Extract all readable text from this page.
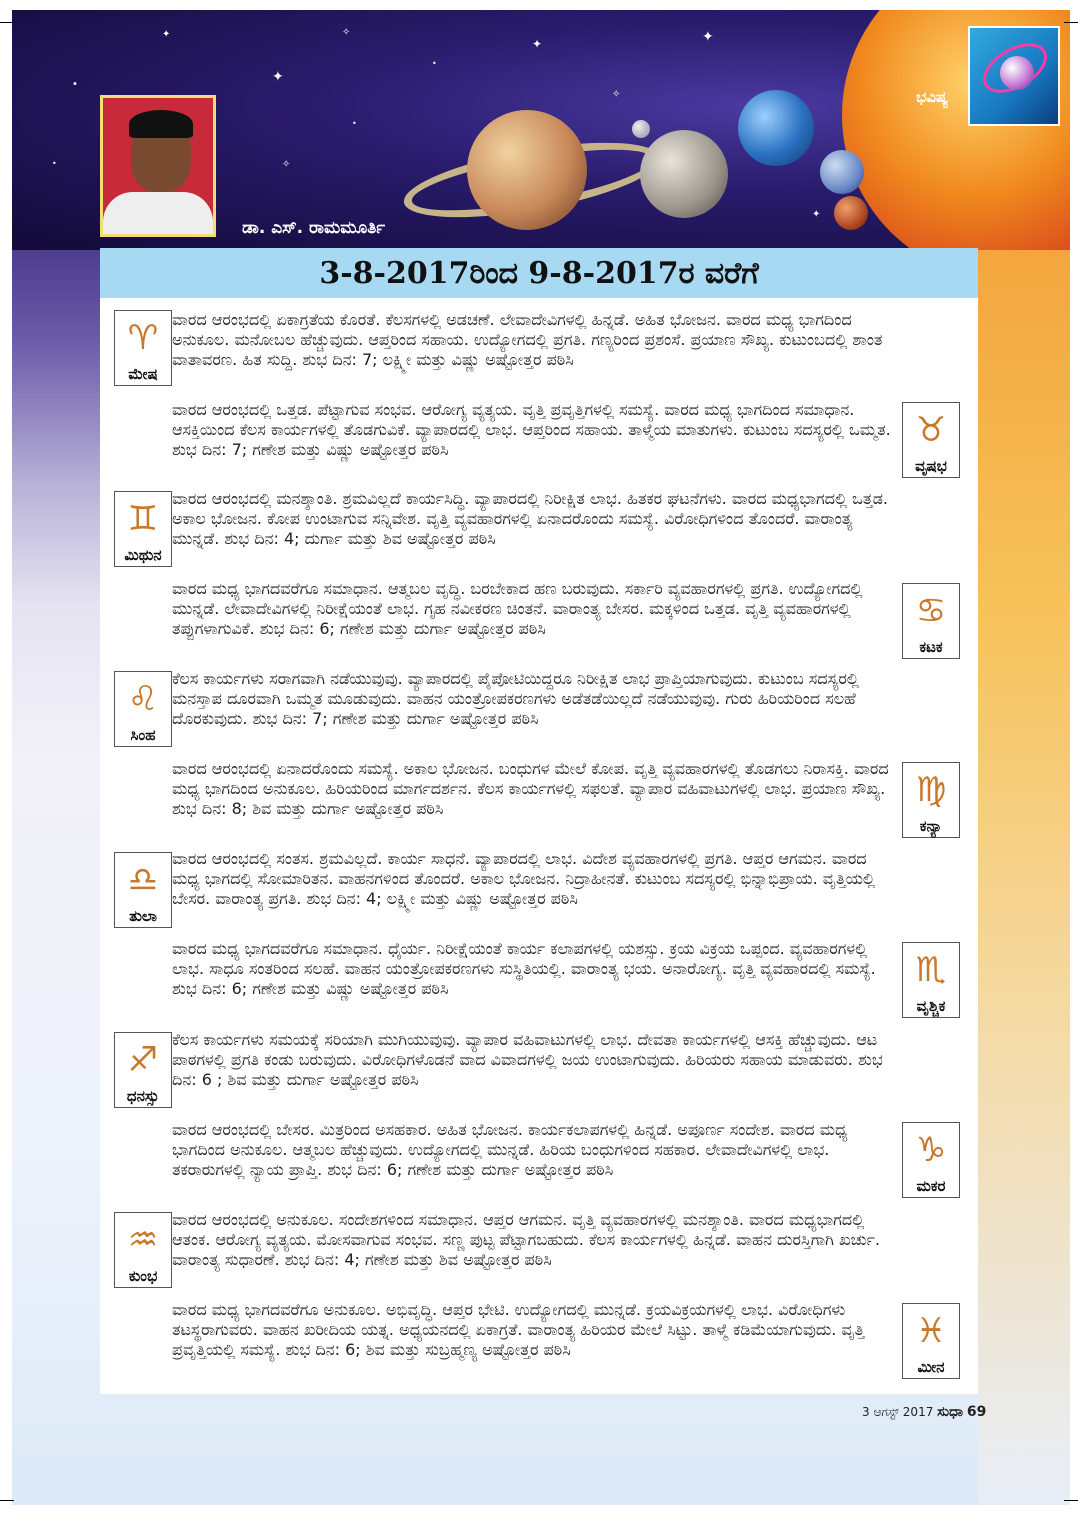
✦
✦
✧
•
✦
✧
✦
•
•	✧
•
✦
ಭವಿಷ್ಯ
ಡಾ. ಎಸ್. ರಾಮಮೂರ್ತಿ
3-8-2017ರಿಂದ 9-8-2017ರ ವರೆಗೆ
♈
ಮೇಷ
ವಾರದ ಆರಂಭದಲ್ಲಿ ಏಕಾಗ್ರತೆಯ ಕೊರತೆ. ಕೆಲಸಗಳಲ್ಲಿ ಅಡಚಣೆ. ಲೇವಾದೇವಿಗಳಲ್ಲಿ ಹಿನ್ನಡೆ. ಅಹಿತ ಭೋಜನ. ವಾರದ ಮಧ್ಯ ಭಾಗದಿಂದ ಅನುಕೂಲ. ಮನೋಬಲ ಹೆಚ್ಚುವುದು. ಆಪ್ತರಿಂದ ಸಹಾಯ. ಉದ್ಯೋಗದಲ್ಲಿ ಪ್ರಗತಿ. ಗಣ್ಯರಿಂದ ಪ್ರಶಂಸೆ. ಪ್ರಯಾಣ ಸೌಖ್ಯ. ಕುಟುಂಬದಲ್ಲಿ ಶಾಂತ ವಾತಾವರಣ. ಹಿತ ಸುದ್ದಿ. ಶುಭ ದಿನ: 7; ಲಕ್ಷ್ಮೀ ಮತ್ತು ವಿಷ್ಣು ಅಷ್ಟೋತ್ತರ ಪಠಿಸಿ
ವಾರದ ಆರಂಭದಲ್ಲಿ ಒತ್ತಡ. ಪೆಟ್ಟಾಗುವ ಸಂಭವ. ಆರೋಗ್ಯ ವ್ಯತ್ಯಯ. ವೃತ್ತಿ ಪ್ರವೃತ್ತಿಗಳಲ್ಲಿ ಸಮಸ್ಯೆ. ವಾರದ ಮಧ್ಯ ಭಾಗದಿಂದ ಸಮಾಧಾನ. ಆಸಕ್ತಿಯಿಂದ ಕೆಲಸ ಕಾರ್ಯಗಳಲ್ಲಿ ತೊಡಗುವಿಕೆ. ವ್ಯಾಪಾರದಲ್ಲಿ ಲಾಭ. ಆಪ್ತರಿಂದ ಸಹಾಯ. ತಾಳ್ಮೆಯ ಮಾತುಗಳು. ಕುಟುಂಬ ಸದಸ್ಯರಲ್ಲಿ ಒಮ್ಮತ. ಶುಭ ದಿನ: 7; ಗಣೇಶ ಮತ್ತು ವಿಷ್ಣು ಅಷ್ಟೋತ್ತರ ಪಠಿಸಿ	♉
ವೃಷಭ
♊
ಮಿಥುನ
ವಾರದ ಆರಂಭದಲ್ಲಿ ಮನಶ್ಶಾಂತಿ. ಶ್ರಮವಿಲ್ಲದೆ ಕಾರ್ಯಸಿದ್ಧಿ. ವ್ಯಾಪಾರದಲ್ಲಿ ನಿರೀಕ್ಷಿತ ಲಾಭ. ಹಿತಕರ ಘಟನೆಗಳು. ವಾರದ ಮಧ್ಯಭಾಗದಲ್ಲಿ ಒತ್ತಡ. ಅಕಾಲ ಭೋಜನ. ಕೋಪ ಉಂಟಾಗುವ ಸನ್ನಿವೇಶ. ವೃತ್ತಿ ವ್ಯವಹಾರಗಳಲ್ಲಿ ಏನಾದರೊಂದು ಸಮಸ್ಯೆ. ವಿರೋಧಿಗಳಿಂದ ತೊಂದರೆ. ವಾರಾಂತ್ಯ ಮುನ್ನಡೆ. ಶುಭ ದಿನ: 4; ದುರ್ಗಾ ಮತ್ತು ಶಿವ ಅಷ್ಟೋತ್ತರ ಪಠಿಸಿ
ವಾರದ ಮಧ್ಯ ಭಾಗದವರೆಗೂ ಸಮಾಧಾನ. ಆತ್ಮಬಲ ವೃದ್ಧಿ. ಬರಬೇಕಾದ ಹಣ ಬರುವುದು. ಸರ್ಕಾರಿ ವ್ಯವಹಾರಗಳಲ್ಲಿ ಪ್ರಗತಿ. ಉದ್ಯೋಗದಲ್ಲಿ ಮುನ್ನಡೆ. ಲೇವಾದೇವಿಗಳಲ್ಲಿ ನಿರೀಕ್ಷೆಯಂತೆ ಲಾಭ. ಗೃಹ ನವೀಕರಣ ಚಿಂತನೆ. ವಾರಾಂತ್ಯ ಬೇಸರ. ಮಕ್ಕಳಿಂದ ಒತ್ತಡ. ವೃತ್ತಿ ವ್ಯವಹಾರಗಳಲ್ಲಿ ತಪ್ಪುಗಳಾಗುವಿಕೆ. ಶುಭ ದಿನ: 6; ಗಣೇಶ ಮತ್ತು ದುರ್ಗಾ ಅಷ್ಟೋತ್ತರ ಪಠಿಸಿ	♋
ಕಟಕ
♌
ಸಿಂಹ
ಕೆಲಸ ಕಾರ್ಯಗಳು ಸರಾಗವಾಗಿ ನಡೆಯುವುವು. ವ್ಯಾಪಾರದಲ್ಲಿ ಪೈಪೋಟಿಯಿದ್ದರೂ ನಿರೀಕ್ಷಿತ ಲಾಭ ಪ್ರಾಪ್ತಿಯಾಗುವುದು. ಕುಟುಂಬ ಸದಸ್ಯರಲ್ಲಿ ಮನಸ್ತಾಪ ದೂರವಾಗಿ ಒಮ್ಮತ ಮೂಡುವುದು. ವಾಹನ ಯಂತ್ರೋಪಕರಣಗಳು ಅಡೆತಡೆಯಿಲ್ಲದೆ ನಡೆಯುವುವು. ಗುರು ಹಿರಿಯರಿಂದ ಸಲಹೆ ದೊರಕುವುದು. ಶುಭ ದಿನ: 7; ಗಣೇಶ ಮತ್ತು ದುರ್ಗಾ ಅಷ್ಟೋತ್ತರ ಪಠಿಸಿ
ವಾರದ ಆರಂಭದಲ್ಲಿ ಏನಾದರೊಂದು ಸಮಸ್ಯೆ. ಅಕಾಲ ಭೋಜನ. ಬಂಧುಗಳ ಮೇಲೆ ಕೋಪ. ವೃತ್ತಿ ವ್ಯವಹಾರಗಳಲ್ಲಿ ತೊಡಗಲು ನಿರಾಸಕ್ತಿ. ವಾರದ ಮಧ್ಯ ಭಾಗದಿಂದ ಅನುಕೂಲ. ಹಿರಿಯರಿಂದ ಮಾರ್ಗದರ್ಶನ. ಕೆಲಸ ಕಾರ್ಯಗಳಲ್ಲಿ ಸಫಲತೆ. ವ್ಯಾಪಾರ ವಹಿವಾಟುಗಳಲ್ಲಿ ಲಾಭ. ಪ್ರಯಾಣ ಸೌಖ್ಯ. ಶುಭ ದಿನ: 8; ಶಿವ ಮತ್ತು ದುರ್ಗಾ ಅಷ್ಟೋತ್ತರ ಪಠಿಸಿ	♍
ಕನ್ಯಾ
♎
ತುಲಾ
ವಾರದ ಆರಂಭದಲ್ಲಿ ಸಂತಸ. ಶ್ರಮವಿಲ್ಲದೆ. ಕಾರ್ಯ ಸಾಧನೆ. ವ್ಯಾಪಾರದಲ್ಲಿ ಲಾಭ. ವಿದೇಶ ವ್ಯವಹಾರಗಳಲ್ಲಿ ಪ್ರಗತಿ. ಆಪ್ತರ ಆಗಮನ. ವಾರದ ಮಧ್ಯ ಭಾಗದಲ್ಲಿ ಸೋಮಾರಿತನ. ವಾಹನಗಳಿಂದ ತೊಂದರೆ. ಅಕಾಲ ಭೋಜನ. ನಿದ್ರಾಹೀನತೆ. ಕುಟುಂಬ ಸದಸ್ಯರಲ್ಲಿ ಭಿನ್ನಾಭಿಪ್ರಾಯ. ವೃತ್ತಿಯಲ್ಲಿ ಬೇಸರ. ವಾರಾಂತ್ಯ ಪ್ರಗತಿ. ಶುಭ ದಿನ: 4; ಲಕ್ಷ್ಮೀ ಮತ್ತು ವಿಷ್ಣು ಅಷ್ಟೋತ್ತರ ಪಠಿಸಿ
ವಾರದ ಮಧ್ಯ ಭಾಗದವರೆಗೂ ಸಮಾಧಾನ. ಧೈರ್ಯ. ನಿರೀಕ್ಷೆಯಂತೆ ಕಾರ್ಯ ಕಲಾಪಗಳಲ್ಲಿ ಯಶಸ್ಸು. ಕ್ರಯ ವಿಕ್ರಯ ಒಪ್ಪಂದ. ವ್ಯವಹಾರಗಳಲ್ಲಿ ಲಾಭ. ಸಾಧೂ ಸಂತರಿಂದ ಸಲಹೆ. ವಾಹನ ಯಂತ್ರೋಪಕರಣಗಳು ಸುಸ್ಥಿತಿಯಲ್ಲಿ. ವಾರಾಂತ್ಯ ಭಯ. ಅನಾರೋಗ್ಯ. ವೃತ್ತಿ ವ್ಯವಹಾರದಲ್ಲಿ ಸಮಸ್ಯೆ. ಶುಭ ದಿನ: 6; ಗಣೇಶ ಮತ್ತು ವಿಷ್ಣು ಅಷ್ಟೋತ್ತರ ಪಠಿಸಿ	♏
ವೃಶ್ಚಿಕ
♐
ಧನಸ್ಸು
ಕೆಲಸ ಕಾರ್ಯಗಳು ಸಮಯಕ್ಕೆ ಸರಿಯಾಗಿ ಮುಗಿಯುವುವು. ವ್ಯಾಪಾರ ವಹಿವಾಟುಗಳಲ್ಲಿ ಲಾಭ. ದೇವತಾ ಕಾರ್ಯಗಳಲ್ಲಿ ಆಸಕ್ತಿ ಹೆಚ್ಚುವುದು. ಆಟ ಪಾಠಗಳಲ್ಲಿ ಪ್ರಗತಿ ಕಂಡು ಬರುವುದು. ವಿರೋಧಿಗಳೊಡನೆ ವಾದ ವಿವಾದಗಳಲ್ಲಿ ಜಯ ಉಂಟಾಗುವುದು. ಹಿರಿಯರು ಸಹಾಯ ಮಾಡುವರು. ಶುಭ ದಿನ: 6 ; ಶಿವ ಮತ್ತು ದುರ್ಗಾ ಅಷ್ಟೋತ್ತರ ಪಠಿಸಿ
ವಾರದ ಆರಂಭದಲ್ಲಿ ಬೇಸರ. ಮಿತ್ರರಿಂದ ಅಸಹಕಾರ. ಅಹಿತ ಭೋಜನ. ಕಾರ್ಯಕಲಾಪಗಳಲ್ಲಿ ಹಿನ್ನಡೆ. ಅಪೂರ್ಣ ಸಂದೇಶ. ವಾರದ ಮಧ್ಯ ಭಾಗದಿಂದ ಅನುಕೂಲ. ಆತ್ಮಬಲ ಹೆಚ್ಚುವುದು. ಉದ್ಯೋಗದಲ್ಲಿ ಮುನ್ನಡೆ. ಹಿರಿಯ ಬಂಧುಗಳಿಂದ ಸಹಕಾರ. ಲೇವಾದೇವಿಗಳಲ್ಲಿ ಲಾಭ. ತಕರಾರುಗಳಲ್ಲಿ ನ್ಯಾಯ ಪ್ರಾಪ್ತಿ. ಶುಭ ದಿನ: 6; ಗಣೇಶ ಮತ್ತು ದುರ್ಗಾ ಅಷ್ಟೋತ್ತರ ಪಠಿಸಿ	♑
ಮಕರ
♒
ಕುಂಭ
ವಾರದ ಆರಂಭದಲ್ಲಿ ಅನುಕೂಲ. ಸಂದೇಶಗಳಿಂದ ಸಮಾಧಾನ. ಆಪ್ತರ ಆಗಮನ. ವೃತ್ತಿ ವ್ಯವಹಾರಗಳಲ್ಲಿ ಮನಶ್ಶಾಂತಿ. ವಾರದ ಮಧ್ಯಭಾಗದಲ್ಲಿ ಆತಂಕ. ಆರೋಗ್ಯ ವ್ಯತ್ಯಯ. ಮೋಸವಾಗುವ ಸಂಭವ. ಸಣ್ಣ ಪುಟ್ಟ ಪೆಟ್ಟಾಗಬಹುದು. ಕೆಲಸ ಕಾರ್ಯಗಳಲ್ಲಿ ಹಿನ್ನಡೆ. ವಾಹನ ದುರಸ್ತಿಗಾಗಿ ಖರ್ಚು. ವಾರಾಂತ್ಯ ಸುಧಾರಣೆ. ಶುಭ ದಿನ: 4; ಗಣೇಶ ಮತ್ತು ಶಿವ ಅಷ್ಟೋತ್ತರ ಪಠಿಸಿ
ವಾರದ ಮಧ್ಯ ಭಾಗದವರೆಗೂ ಅನುಕೂಲ. ಅಭಿವೃದ್ಧಿ. ಆಪ್ತರ ಭೇಟಿ. ಉದ್ಯೋಗದಲ್ಲಿ ಮುನ್ನಡೆ. ಕ್ರಯವಿಕ್ರಯಗಳಲ್ಲಿ ಲಾಭ. ವಿರೋಧಿಗಳು ತಟಸ್ಥರಾಗುವರು. ವಾಹನ ಖರೀದಿಯ ಯತ್ನ. ಅಧ್ಯಯನದಲ್ಲಿ ಏಕಾಗ್ರತೆ. ವಾರಾಂತ್ಯ ಹಿರಿಯರ ಮೇಲೆ ಸಿಟ್ಟು. ತಾಳ್ಮೆ ಕಡಿಮೆಯಾಗುವುದು. ವೃತ್ತಿ ಪ್ರವೃತ್ತಿಯಲ್ಲಿ ಸಮಸ್ಯೆ. ಶುಭ ದಿನ: 6; ಶಿವ ಮತ್ತು ಸುಬ್ರಹ್ಮಣ್ಯ ಅಷ್ಟೋತ್ತರ ಪಠಿಸಿ	♓
ಮೀನ
3 ಆಗಸ್ಟ್ 2017 ಸುಧಾ 69
